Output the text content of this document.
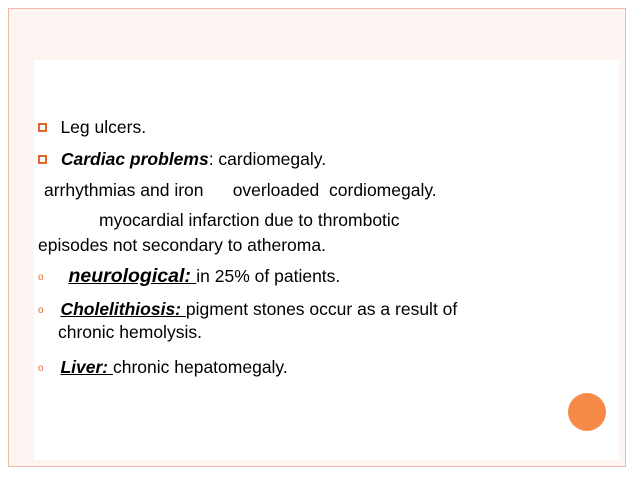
Leg ulcers.
Cardiac problems: cardiomegaly.
arrhythmias and iron      overloaded  cordiomegaly.
myocardial infarction due to thrombotic
episodes not secondary to atheroma.
o neurological: in 25% of patients.
o Cholelithiosis: pigment stones occur as a result of
chronic hemolysis.
o Liver: chronic hepatomegaly.
